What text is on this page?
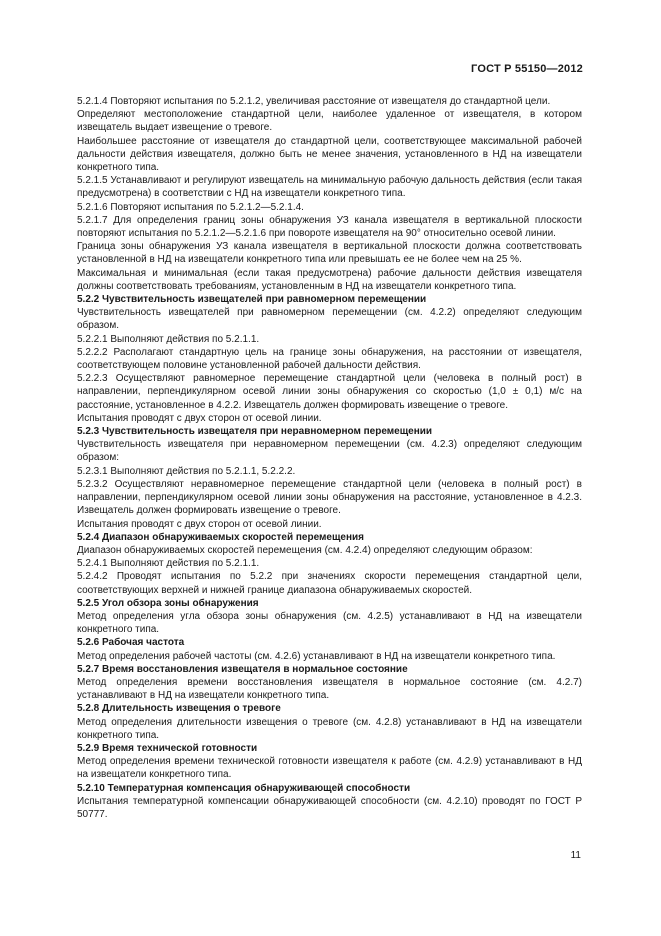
ГОСТ Р 55150—2012

5.2.1.4 Повторяют испытания по 5.2.1.2, увеличивая расстояние от извещателя до стандартной цели.

Определяют местоположение стандартной цели, наиболее удаленное от извещателя, в котором извещатель выдает извещение о тревоге.

Наибольшее расстояние от извещателя до стандартной цели, соответствующее максимальной рабочей дальности действия извещателя, должно быть не менее значения, установленного в НД на извещатели конкретного типа.

5.2.1.5 Устанавливают и регулируют извещатель на минимальную рабочую дальность действия (если такая предусмотрена) в соответствии с НД на извещатели конкретного типа.

5.2.1.6 Повторяют испытания по 5.2.1.2—5.2.1.4.

5.2.1.7 Для определения границ зоны обнаружения УЗ канала извещателя в вертикальной плоскости повторяют испытания по 5.2.1.2—5.2.1.6 при повороте извещателя на 90° относительно осевой линии.

Граница зоны обнаружения УЗ канала извещателя в вертикальной плоскости должна соответствовать установленной в НД на извещатели конкретного типа или превышать ее не более чем на 25 %.

Максимальная и минимальная (если такая предусмотрена) рабочие дальности действия извещателя должны соответствовать требованиям, установленным в НД на извещатели конкретного типа.

5.2.2 Чувствительность извещателей при равномерном перемещении

Чувствительность извещателей при равномерном перемещении (см. 4.2.2) определяют следующим образом.

5.2.2.1 Выполняют действия по 5.2.1.1.

5.2.2.2 Располагают стандартную цель на границе зоны обнаружения, на расстоянии от извещателя, соответствующем половине установленной рабочей дальности действия.

5.2.2.3 Осуществляют равномерное перемещение стандартной цели (человека в полный рост) в направлении, перпендикулярном осевой линии зоны обнаружения со скоростью (1,0 ± 0,1) м/с на расстояние, установленное в 4.2.2. Извещатель должен формировать извещение о тревоге.

Испытания проводят с двух сторон от осевой линии.

5.2.3 Чувствительность извещателя при неравномерном перемещении

Чувствительность извещателя при неравномерном перемещении (см. 4.2.3) определяют следующим образом:

5.2.3.1 Выполняют действия по 5.2.1.1, 5.2.2.2.

5.2.3.2 Осуществляют неравномерное перемещение стандартной цели (человека в полный рост) в направлении, перпендикулярном осевой линии зоны обнаружения на расстояние, установленное в 4.2.3. Извещатель должен формировать извещение о тревоге.

Испытания проводят с двух сторон от осевой линии.

5.2.4 Диапазон обнаруживаемых скоростей перемещения

Диапазон обнаруживаемых скоростей перемещения (см. 4.2.4) определяют следующим образом:

5.2.4.1 Выполняют действия по 5.2.1.1.

5.2.4.2 Проводят испытания по 5.2.2 при значениях скорости перемещения стандартной цели, соответствующих верхней и нижней границе диапазона обнаруживаемых скоростей.

5.2.5 Угол обзора зоны обнаружения

Метод определения угла обзора зоны обнаружения (см. 4.2.5) устанавливают в НД на извещатели конкретного типа.

5.2.6 Рабочая частота

Метод определения рабочей частоты (см. 4.2.6) устанавливают в НД на извещатели конкретного типа.

5.2.7 Время восстановления извещателя в нормальное состояние

Метод определения времени восстановления извещателя в нормальное состояние (см. 4.2.7) устанавливают в НД на извещатели конкретного типа.

5.2.8 Длительность извещения о тревоге

Метод определения длительности извещения о тревоге (см. 4.2.8) устанавливают в НД на извещатели конкретного типа.

5.2.9 Время технической готовности

Метод определения времени технической готовности извещателя к работе (см. 4.2.9) устанавливают в НД на извещатели конкретного типа.

5.2.10 Температурная компенсация обнаруживающей способности

Испытания температурной компенсации обнаруживающей способности (см. 4.2.10) проводят по ГОСТ Р 50777.

11
